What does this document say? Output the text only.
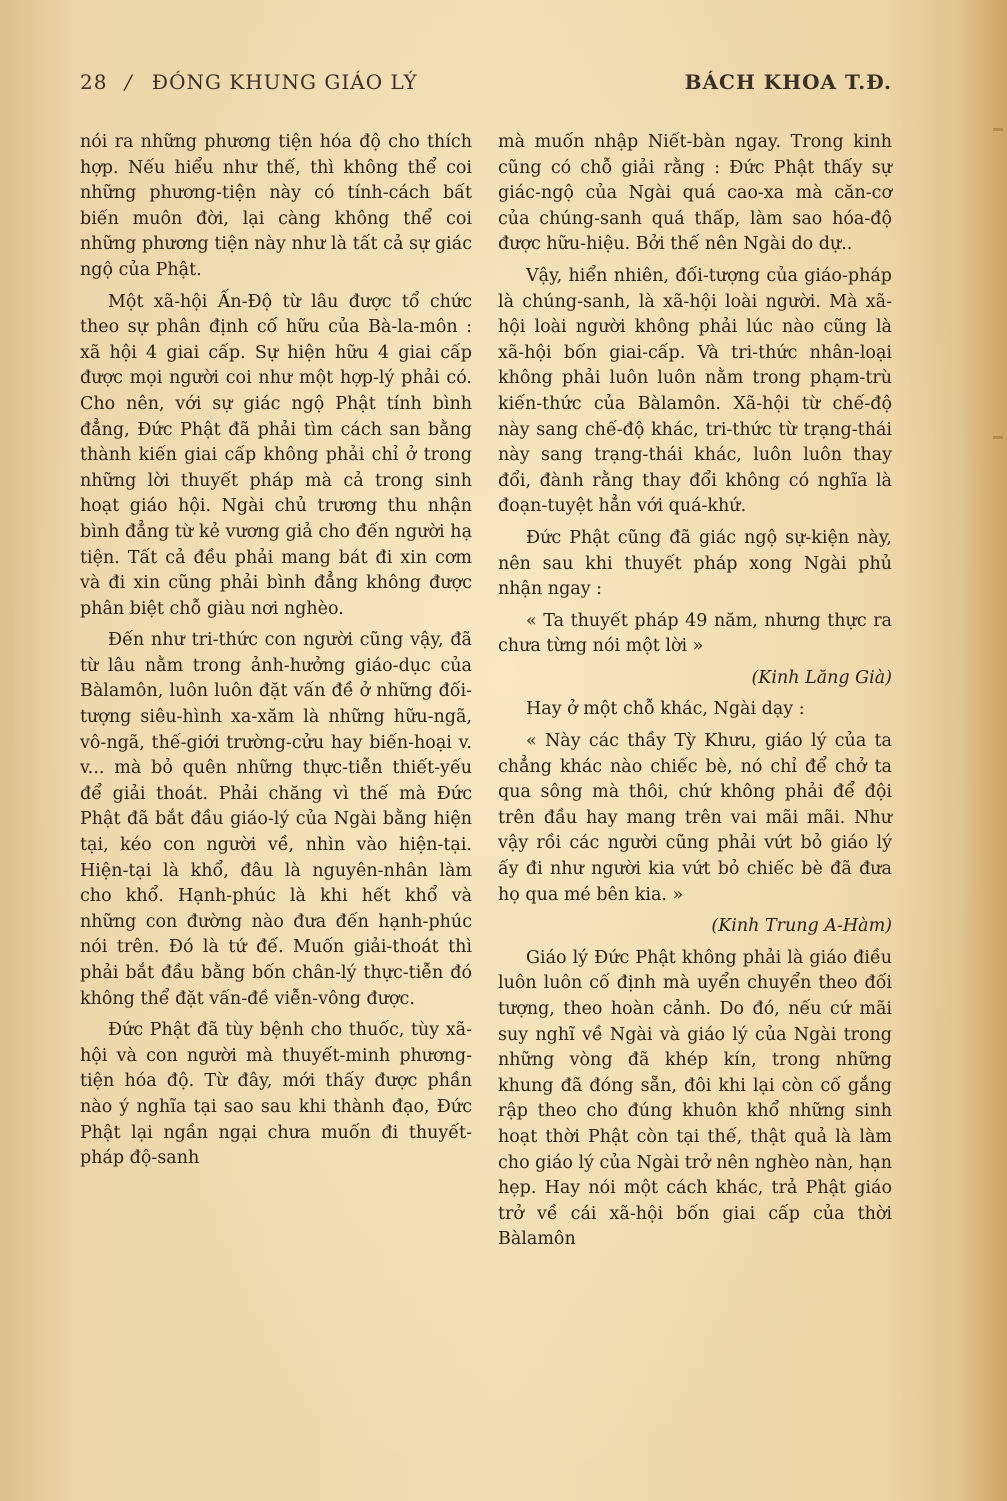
28 / ĐÓNG KHUNG GIÁO LÝ	BÁCH KHOA T.Đ.

nói ra những phương tiện hóa độ cho thích hợp. Nếu hiểu như thế, thì không thể coi những phương-tiện này có tính-cách bất biến muôn đời, lại càng không thể coi những phương tiện này như là tất cả sự giác ngộ của Phật.

Một xã-hội Ấn-Độ từ lâu được tổ chức theo sự phân định cố hữu của Bà-la-môn : xã hội 4 giai cấp. Sự hiện hữu 4 giai cấp được mọi người coi như một hợp-lý phải có. Cho nên, với sự giác ngộ Phật tính bình đẳng, Đức Phật đã phải tìm cách san bằng thành kiến giai cấp không phải chỉ ở trong những lời thuyết pháp mà cả trong sinh hoạt giáo hội. Ngài chủ trương thu nhận bình đẳng từ kẻ vương giả cho đến người hạ tiện. Tất cả đều phải mang bát đi xin cơm và đi xin cũng phải bình đẳng không được phân biệt chỗ giàu nơi nghèo.

Đến như tri-thức con người cũng vậy, đã từ lâu nằm trong ảnh-hưởng giáo-dục của Bàlamôn, luôn luôn đặt vấn đề ở những đối-tượng siêu-hình xa-xăm là những hữu-ngã, vô-ngã, thế-giới trường-cửu hay biến-hoại v. v... mà bỏ quên những thực-tiễn thiết-yếu để giải thoát. Phải chăng vì thế mà Đức Phật đã bắt đầu giáo-lý của Ngài bằng hiện tại, kéo con người về, nhìn vào hiện-tại. Hiện-tại là khổ, đâu là nguyên-nhân làm cho khổ. Hạnh-phúc là khi hết khổ và những con đường nào đưa đến hạnh-phúc nói trên. Đó là tứ đế. Muốn giải-thoát thì phải bắt đầu bằng bốn chân-lý thực-tiễn đó không thể đặt vấn-đề viễn-vông được.

Đức Phật đã tùy bệnh cho thuốc, tùy xã-hội và con người mà thuyết-minh phương-tiện hóa độ. Từ đây, mới thấy được phần nào ý nghĩa tại sao sau khi thành đạo, Đức Phật lại ngần ngại chưa muốn đi thuyết-pháp độ-sanh

mà muốn nhập Niết-bàn ngay. Trong kinh cũng có chỗ giải rằng : Đức Phật thấy sự giác-ngộ của Ngài quá cao-xa mà căn-cơ của chúng-sanh quá thấp, làm sao hóa-độ được hữu-hiệu. Bởi thế nên Ngài do dự..

Vậy, hiển nhiên, đối-tượng của giáo-pháp là chúng-sanh, là xã-hội loài người. Mà xã-hội loài người không phải lúc nào cũng là xã-hội bốn giai-cấp. Và tri-thức nhân-loại không phải luôn luôn nằm trong phạm-trù kiến-thức của Bàlamôn. Xã-hội từ chế-độ này sang chế-độ khác, tri-thức từ trạng-thái này sang trạng-thái khác, luôn luôn thay đổi, đành rằng thay đổi không có nghĩa là đoạn-tuyệt hẳn với quá-khứ.

Đức Phật cũng đã giác ngộ sự-kiện này, nên sau khi thuyết pháp xong Ngài phủ nhận ngay :

« Ta thuyết pháp 49 năm, nhưng thực ra chưa từng nói một lời »

(Kinh Lăng Già)

Hay ở một chỗ khác, Ngài dạy :

« Này các thầy Tỳ Khưu, giáo lý của ta chẳng khác nào chiếc bè, nó chỉ để chở ta qua sông mà thôi, chứ không phải để đội trên đầu hay mang trên vai mãi mãi. Như vậy rồi các người cũng phải vứt bỏ giáo lý ấy đi như người kia vứt bỏ chiếc bè đã đưa họ qua mé bên kia. »

(Kinh Trung A-Hàm)

Giáo lý Đức Phật không phải là giáo điều luôn luôn cố định mà uyển chuyển theo đối tượng, theo hoàn cảnh. Do đó, nếu cứ mãi suy nghĩ về Ngài và giáo lý của Ngài trong những vòng đã khép kín, trong những khung đã đóng sẵn, đôi khi lại còn cố gắng rập theo cho đúng khuôn khổ những sinh hoạt thời Phật còn tại thế, thật quả là làm cho giáo lý của Ngài trở nên nghèo nàn, hạn hẹp. Hay nói một cách khác, trả Phật giáo trở về cái xã-hội bốn giai cấp của thời Bàlamôn
